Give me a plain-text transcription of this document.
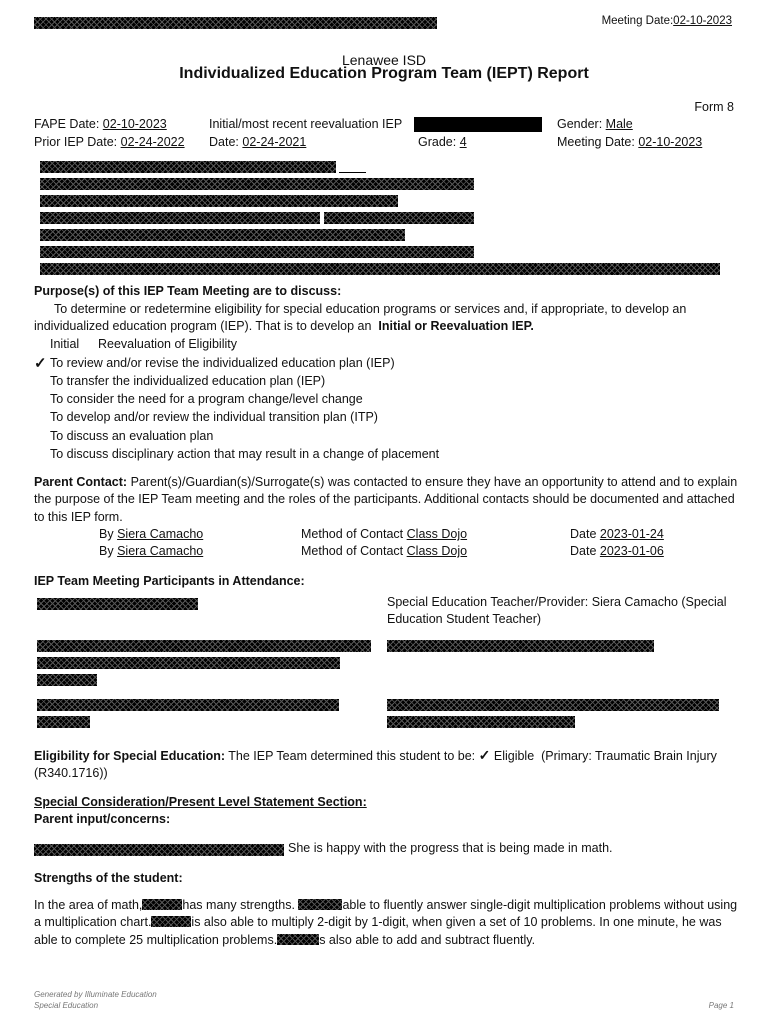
Meeting Date:02-10-2023
Lenawee ISD
Individualized Education Program Team (IEPT) Report
Form 8
FAPE Date: 02-10-2023	Initial/most recent reevaluation IEP	Gender: Male
Prior IEP Date: 02-24-2022 Date: 02-24-2021	Grade: 4	Meeting Date: 02-10-2023
Purpose(s) of this IEP Team Meeting are to discuss:
To determine or redetermine eligibility for special education programs or services and, if appropriate, to develop an
individualized education program (IEP). That is to develop an Initial or Reevaluation IEP.
Initial Reevaluation of Eligibility
✓ To review and/or revise the individualized education plan (IEP)
To transfer the individualized education plan (IEP)
To consider the need for a program change/level change
To develop and/or review the individual transition plan (ITP)
To discuss an evaluation plan
To discuss disciplinary action that may result in a change of placement
Parent Contact: Parent(s)/Guardian(s)/Surrogate(s) was contacted to ensure they have an opportunity to attend and to explain
the purpose of the IEP Team meeting and the roles of the participants. Additional contacts should be documented and attached
to this IEP form.
By Siera Camacho	Method of Contact Class Dojo	Date 2023-01-24
By Siera Camacho	Method of Contact Class Dojo	Date 2023-01-06
IEP Team Meeting Participants in Attendance:
Special Education Teacher/Provider: Siera Camacho (Special
Education Student Teacher)
Eligibility for Special Education: The IEP Team determined this student to be: ✓ Eligible (Primary: Traumatic Brain Injury
(R340.1716))
Special Consideration/Present Level Statement Section:
Parent input/concerns:
She is happy with the progress that is being made in math.
Strengths of the student:
In the area of math,	has many strengths.	able to fluently answer single-digit multiplication problems without using
a multiplication chart.	is also able to multiply 2-digit by 1-digit, when given a set of 10 problems. In one minute, he was
able to complete 25 multiplication problems.	s also able to add and subtract fluently.
Generated by Illuminate Education
Special Education	Page 1
